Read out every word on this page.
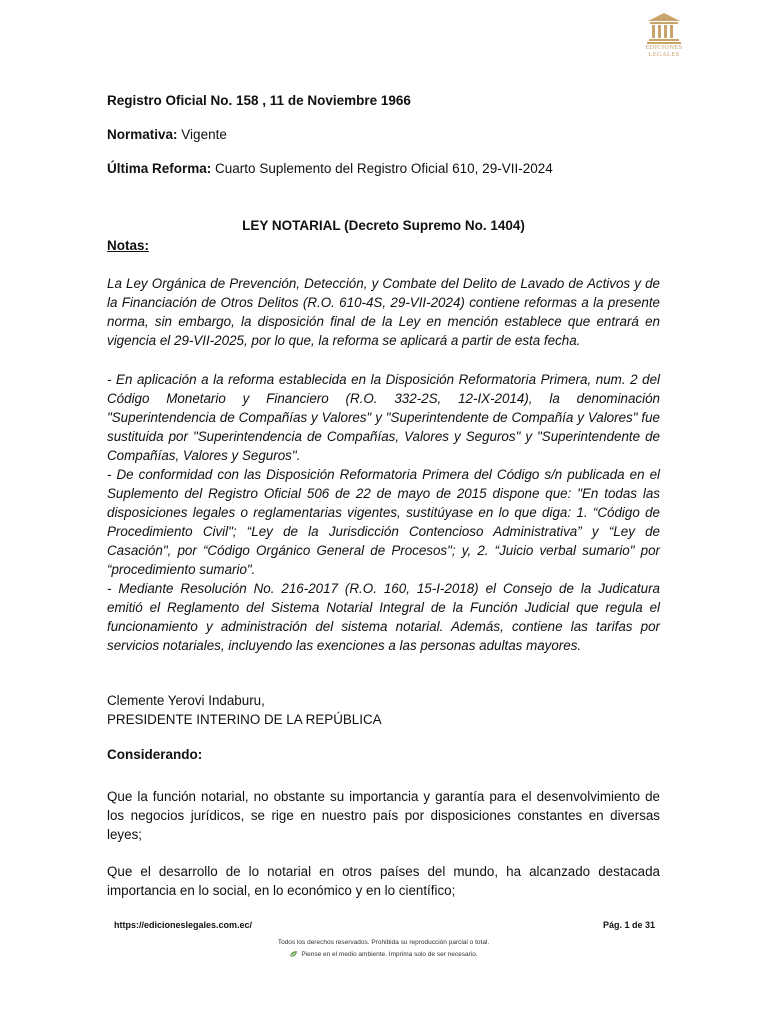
EDICIONES
LEGALES
Registro Oficial No. 158 , 11 de Noviembre 1966
Normativa: Vigente
Última Reforma: Cuarto Suplemento del Registro Oficial 610, 29-VII-2024
LEY NOTARIAL (Decreto Supremo No. 1404)
Notas:

La Ley Orgánica de Prevención, Detección, y Combate del Delito de Lavado de Activos y de la Financiación de Otros Delitos (R.O. 610-4S, 29-VII-2024) contiene reformas a la presente norma, sin embargo, la disposición final de la Ley en mención establece que entrará en vigencia el 29-VII-2025, por lo que, la reforma se aplicará a partir de esta fecha.

- En aplicación a la reforma establecida en la Disposición Reformatoria Primera, num. 2 del Código Monetario y Financiero (R.O. 332-2S, 12-IX-2014), la denominación "Superintendencia de Compañías y Valores" y "Superintendente de Compañía y Valores" fue sustituida por "Superintendencia de Compañías, Valores y Seguros" y "Superintendente de Compañías, Valores y Seguros".

- De conformidad con las Disposición Reformatoria Primera del Código s/n publicada en el Suplemento del Registro Oficial 506 de 22 de mayo de 2015 dispone que: "En todas las disposiciones legales o reglamentarias vigentes, sustitúyase en lo que diga: 1. “Código de Procedimiento Civil"; “Ley de la Jurisdicción Contencioso Administrativa” y “Ley de Casación", por “Código Orgánico General de Procesos"; y, 2. “Juicio verbal sumario" por “procedimiento sumario".

- Mediante Resolución No. 216-2017 (R.O. 160, 15-I-2018) el Consejo de la Judicatura emitió el Reglamento del Sistema Notarial Integral de la Función Judicial que regula el funcionamiento y administración del sistema notarial. Además, contiene las tarifas por servicios notariales, incluyendo las exenciones a las personas adultas mayores.

Clemente Yerovi Indaburu,
PRESIDENTE INTERINO DE LA REPÚBLICA
Considerando:

Que la función notarial, no obstante su importancia y garantía para el desenvolvimiento de los negocios jurídicos, se rige en nuestro país por disposiciones constantes en diversas leyes;

Que el desarrollo de lo notarial en otros países del mundo, ha alcanzado destacada importancia en lo social, en lo económico y en lo científico;

https://edicioneslegales.com.ec/	Pág. 1 de 31
Todos los derechos reservados. Prohibida su reproducción parcial o total.
Piense en el medio ambiente. Imprima solo de ser necesario.
